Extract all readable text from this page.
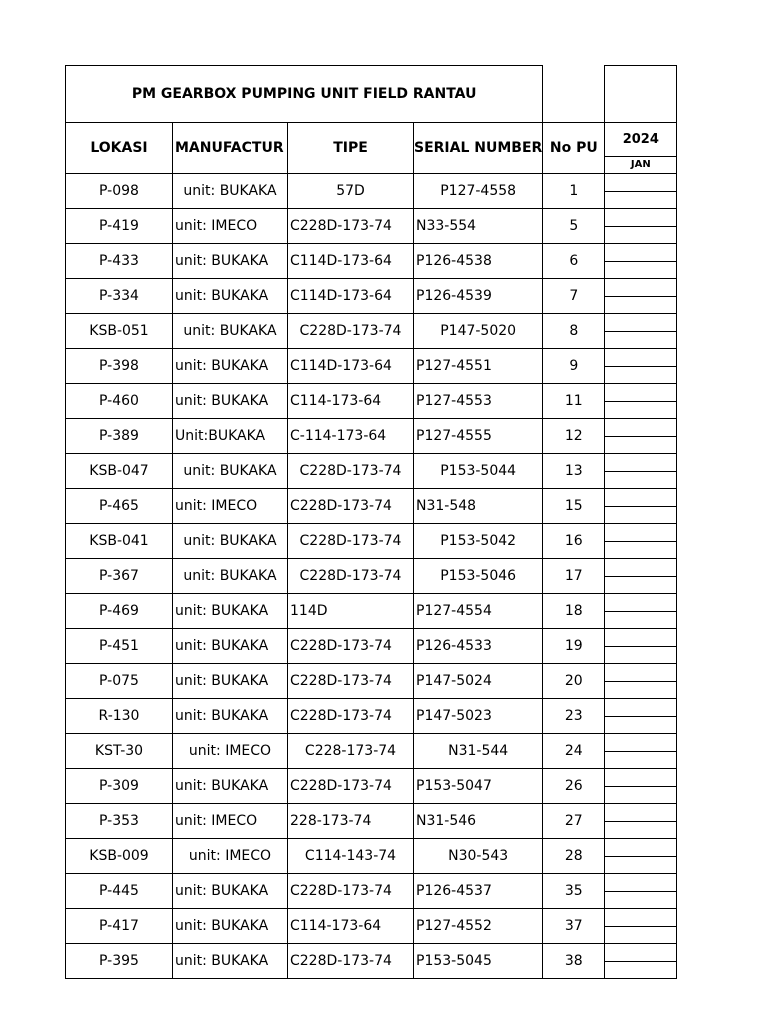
PM GEARBOX PUMPING UNIT FIELD RANTAU					
LOKASI	MANUFACTUR	TIPE	SERIAL NUMBER	No PU	2024
JAN

P-098	unit: BUKAKA	57D	P127-4558	1	

P-419	unit: IMECO	C228D-173-74	N33-554	5	

P-433	unit: BUKAKA	C114D-173-64	P126-4538	6	

P-334	unit: BUKAKA	C114D-173-64	P126-4539	7	

KSB-051	unit: BUKAKA	C228D-173-74	P147-5020	8	

P-398	unit: BUKAKA	C114D-173-64	P127-4551	9	

P-460	unit: BUKAKA	C114-173-64	P127-4553	11	

P-389	Unit:BUKAKA	C-114-173-64	P127-4555	12	

KSB-047	unit: BUKAKA	C228D-173-74	P153-5044	13	

P-465	unit: IMECO	C228D-173-74	N31-548	15	

KSB-041	unit: BUKAKA	C228D-173-74	P153-5042	16	

P-367	unit: BUKAKA	C228D-173-74	P153-5046	17	

P-469	unit: BUKAKA	114D	P127-4554	18	

P-451	unit: BUKAKA	C228D-173-74	P126-4533	19	

P-075	unit: BUKAKA	C228D-173-74	P147-5024	20	

R-130	unit: BUKAKA	C228D-173-74	P147-5023	23	

KST-30	unit: IMECO	C228-173-74	N31-544	24	

P-309	unit: BUKAKA	C228D-173-74	P153-5047	26	

P-353	unit: IMECO	228-173-74	N31-546	27	

KSB-009	unit: IMECO	C114-143-74	N30-543	28	

P-445	unit: BUKAKA	C228D-173-74	P126-4537	35	

P-417	unit: BUKAKA	C114-173-64	P127-4552	37	

P-395	unit: BUKAKA	C228D-173-74	P153-5045	38	
